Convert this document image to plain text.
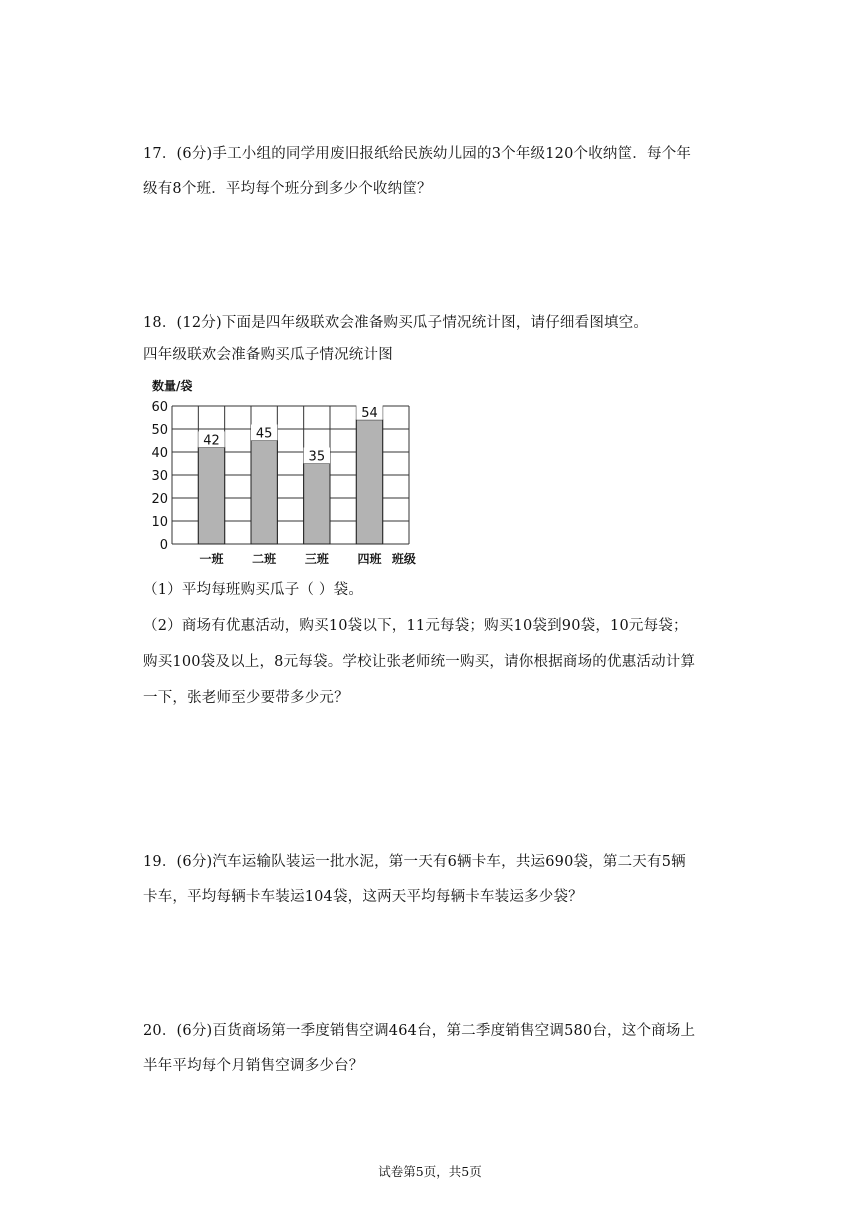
17．(6分)手工小组的同学用废旧报纸给民族幼儿园的3个年级120个收纳筐．每个年
级有8个班．平均每个班分到多少个收纳筐？
18．(12分)下面是四年级联欢会准备购买瓜子情况统计图，请仔细看图填空。
四年级联欢会准备购买瓜子情况统计图
0
10
20
30
40
50
60
42
一班
45
二班
35
三班
54
四班 班级
数量/袋
（1）平均每班购买瓜子（ ）袋。
（2）商场有优惠活动，购买10袋以下，11元每袋；购买10袋到90袋，10元每袋；
购买100袋及以上，8元每袋。学校让张老师统一购买，请你根据商场的优惠活动计算
一下，张老师至少要带多少元？
19．(6分)汽车运输队装运一批水泥，第一天有6辆卡车，共运690袋，第二天有5辆
卡车，平均每辆卡车装运104袋，这两天平均每辆卡车装运多少袋？
20．(6分)百货商场第一季度销售空调464台，第二季度销售空调580台，这个商场上
半年平均每个月销售空调多少台？
试卷第5页，共5页
